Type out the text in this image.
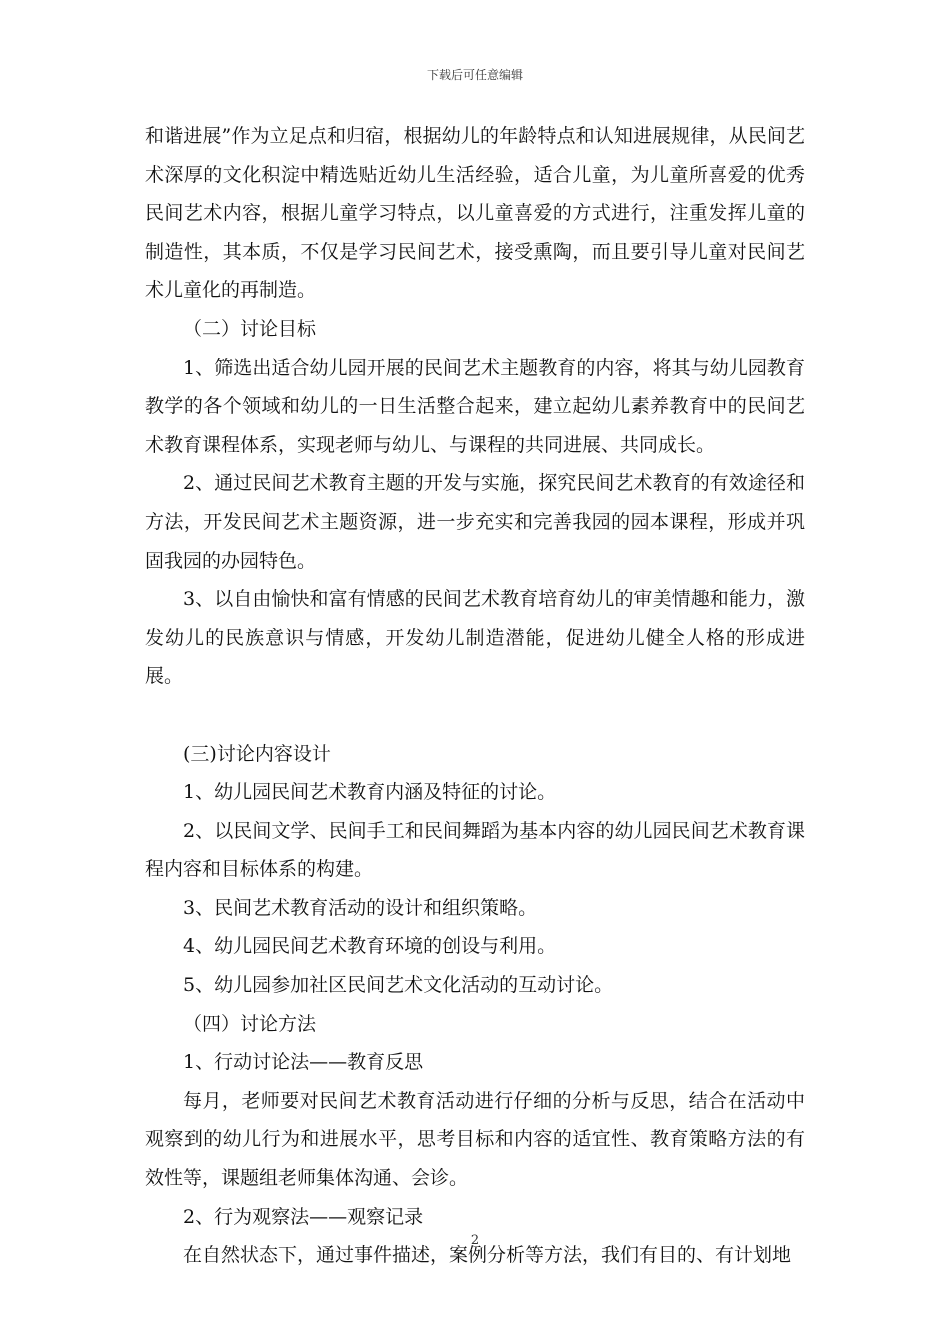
下载后可任意编辑

和谐进展”作为立足点和归宿，根据幼儿的年龄特点和认知进展规律，从民间艺术深厚的文化积淀中精选贴近幼儿生活经验，适合儿童，为儿童所喜爱的优秀民间艺术内容，根据儿童学习特点，以儿童喜爱的方式进行，注重发挥儿童的制造性，其本质，不仅是学习民间艺术，接受熏陶，而且要引导儿童对民间艺术儿童化的再制造。

（二）讨论目标

1、筛选出适合幼儿园开展的民间艺术主题教育的内容，将其与幼儿园教育教学的各个领域和幼儿的一日生活整合起来，建立起幼儿素养教育中的民间艺术教育课程体系，实现老师与幼儿、与课程的共同进展、共同成长。

2、通过民间艺术教育主题的开发与实施，探究民间艺术教育的有效途径和方法，开发民间艺术主题资源，进一步充实和完善我园的园本课程，形成并巩固我园的办园特色。

3、以自由愉快和富有情感的民间艺术教育培育幼儿的审美情趣和能力，激发幼儿的民族意识与情感，开发幼儿制造潜能，促进幼儿健全人格的形成进展。

(三)讨论内容设计

1、幼儿园民间艺术教育内涵及特征的讨论。

2、以民间文学、民间手工和民间舞蹈为基本内容的幼儿园民间艺术教育课程内容和目标体系的构建。

3、民间艺术教育活动的设计和组织策略。

4、幼儿园民间艺术教育环境的创设与利用。

5、幼儿园参加社区民间艺术文化活动的互动讨论。

（四）讨论方法

1、行动讨论法——教育反思

每月，老师要对民间艺术教育活动进行仔细的分析与反思，结合在活动中观察到的幼儿行为和进展水平，思考目标和内容的适宜性、教育策略方法的有效性等，课题组老师集体沟通、会诊。

2、行为观察法——观察记录

在自然状态下，通过事件描述，案例分析等方法，我们有目的、有计划地

2
